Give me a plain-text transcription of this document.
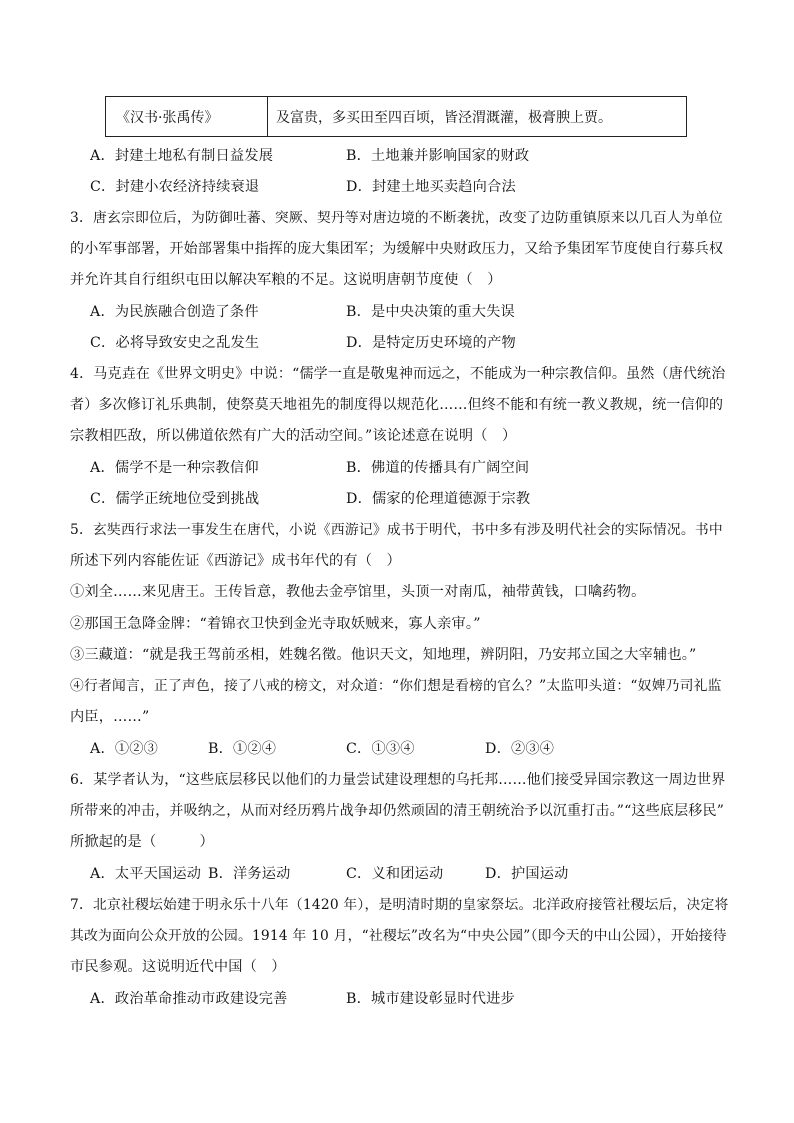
《汉书·张禹传》	及富贵，多买田至四百顷，皆泾渭溉灌，极膏腴上贾。
A．封建土地私有制日益发展	B．土地兼并影响国家的财政
C．封建小农经济持续衰退	D．封建土地买卖趋向合法
3．唐玄宗即位后，为防御吐蕃、突厥、契丹等对唐边境的不断袭扰，改变了边防重镇原来以几百人为单位
的小军事部署，开始部署集中指挥的庞大集团军；为缓解中央财政压力，又给予集团军节度使自行募兵权
并允许其自行组织屯田以解决军粮的不足。这说明唐朝节度使（　）
A．为民族融合创造了条件	B．是中央决策的重大失误
C．必将导致安史之乱发生	D．是特定历史环境的产物
4．马克垚在《世界文明史》中说：“儒学一直是敬鬼神而远之，不能成为一种宗教信仰。虽然（唐代统治
者）多次修订礼乐典制，使祭莫天地祖先的制度得以规范化……但终不能和有统一教义教规，统一信仰的
宗教相匹敌，所以佛道依然有广大的活动空间。”该论述意在说明（　）
A．儒学不是一种宗教信仰	B．佛道的传播具有广阔空间
C．儒学正统地位受到挑战	D．儒家的伦理道德源于宗教
5．玄奘西行求法一事发生在唐代，小说《西游记》成书于明代，书中多有涉及明代社会的实际情况。书中
所述下列内容能佐证《西游记》成书年代的有（　）
①刘全……来见唐王。王传旨意，教他去金亭馆里，头顶一对南瓜，袖带黄钱，口噙药物。
②那国王急降金牌：“着锦衣卫快到金光寺取妖贼来，寡人亲审。”
③三藏道：“就是我王驾前丞相，姓魏名徵。他识天文，知地理，辨阴阳，乃安邦立国之大宰辅也。”
④行者闻言，正了声色，接了八戒的榜文，对众道：“你们想是看榜的官么？”太监叩头道：“奴婢乃司礼监
内臣，……”
A．①②③	B．①②④	C．①③④	D．②③④
6．某学者认为，“这些底层移民以他们的力量尝试建设理想的乌托邦……他们接受异国宗教这一周边世界
所带来的冲击，并吸纳之，从而对经历鸦片战争却仍然顽固的清王朝统治予以沉重打击。”“这些底层移民”
所掀起的是（　　　）
A．太平天国运动 B．洋务运动	C．义和团运动	D．护国运动
7．北京社稷坛始建于明永乐十八年（1420 年），是明清时期的皇家祭坛。北洋政府接管社稷坛后，决定将
其改为面向公众开放的公园。1914 年 10 月，“社稷坛”改名为“中央公园”（即今天的中山公园），开始接待
市民参观。这说明近代中国（　）
A．政治革命推动市政建设完善	B．城市建设彰显时代进步
